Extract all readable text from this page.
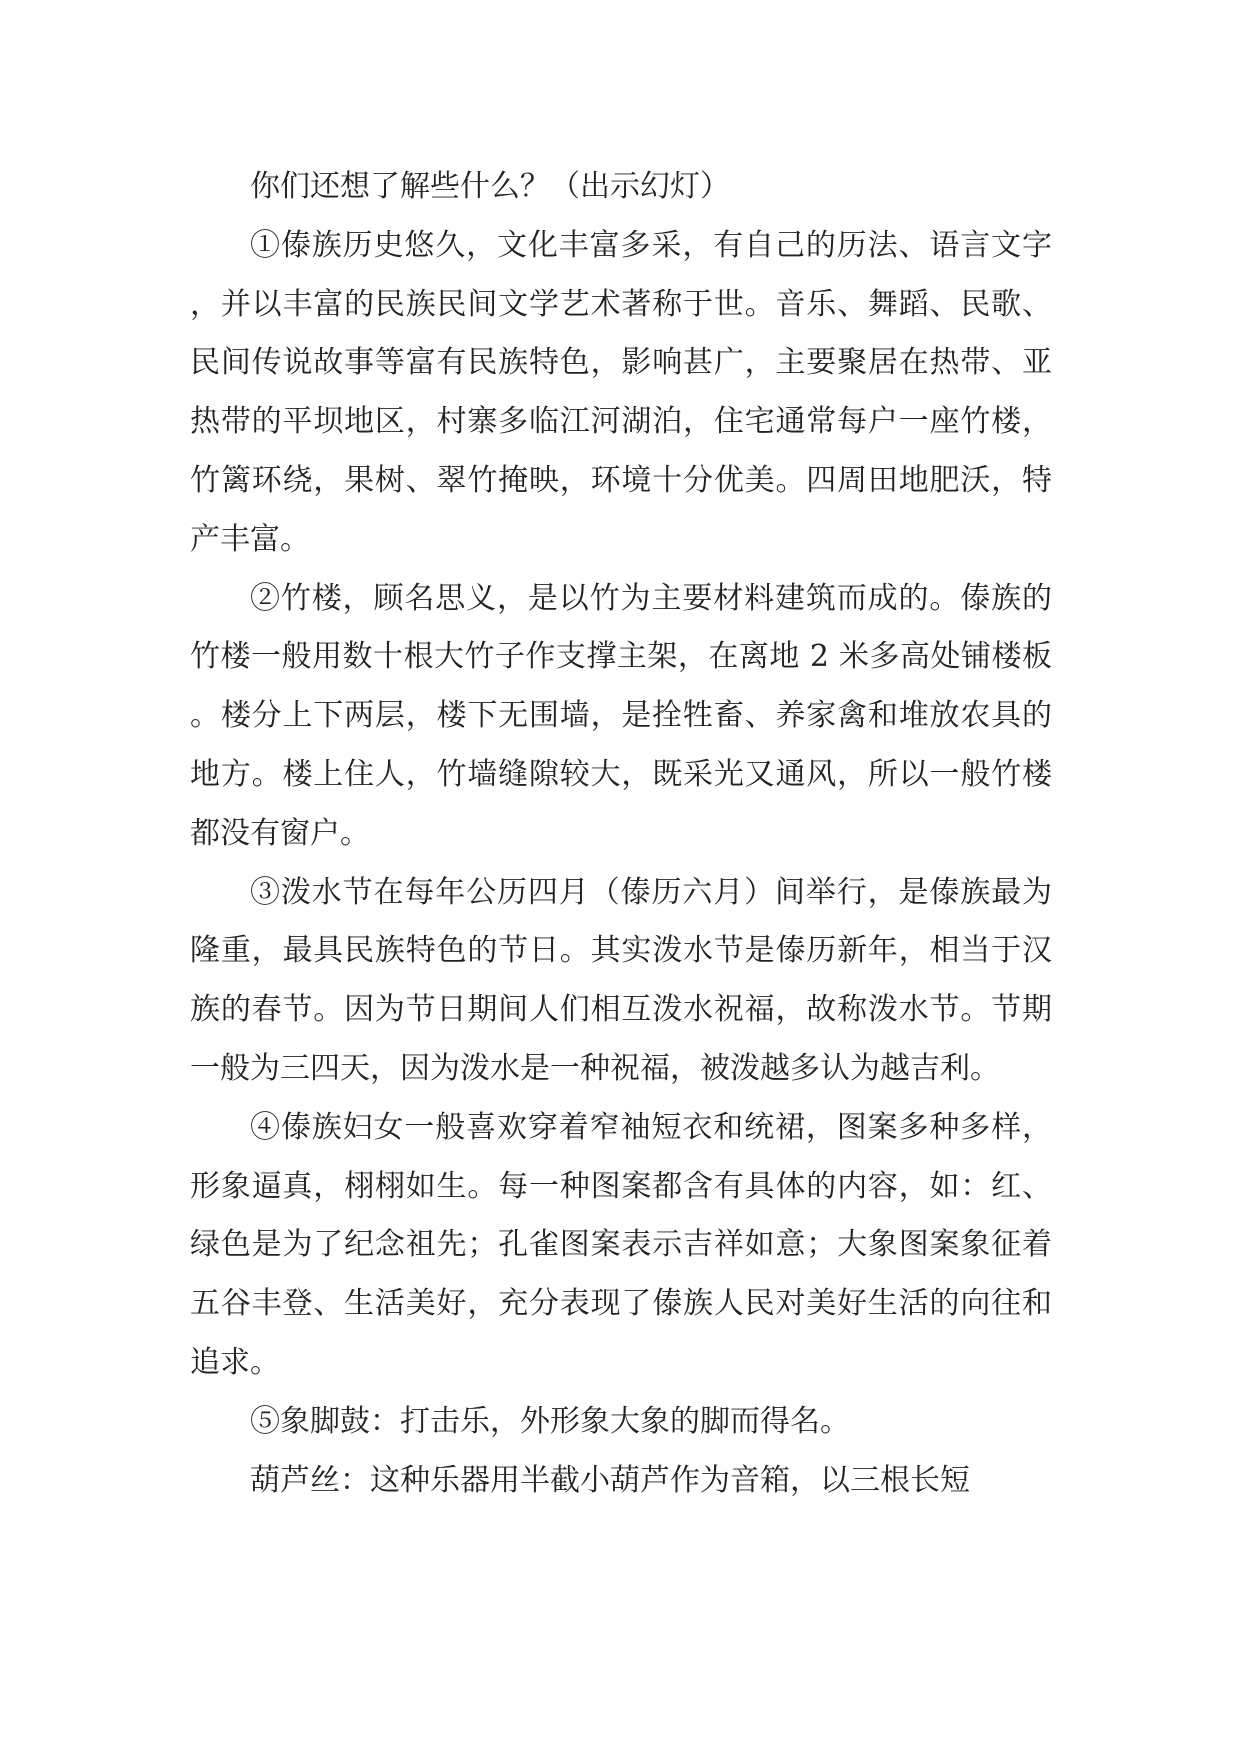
你们还想了解些什么？（出示幻灯）

①傣族历史悠久，文化丰富多采，有自己的历法、语言文字，并以丰富的民族民间文学艺术著称于世。音乐、舞蹈、民歌、民间传说故事等富有民族特色，影响甚广，主要聚居在热带、亚热带的平坝地区，村寨多临江河湖泊，住宅通常每户一座竹楼，竹篱环绕，果树、翠竹掩映，环境十分优美。四周田地肥沃，特产丰富。

②竹楼，顾名思义，是以竹为主要材料建筑而成的。傣族的竹楼一般用数十根大竹子作支撑主架，在离地 2 米多高处铺楼板。楼分上下两层，楼下无围墙，是拴牲畜、养家禽和堆放农具的地方。楼上住人，竹墙缝隙较大，既采光又通风，所以一般竹楼都没有窗户。

③泼水节在每年公历四月（傣历六月）间举行，是傣族最为隆重，最具民族特色的节日。其实泼水节是傣历新年，相当于汉族的春节。因为节日期间人们相互泼水祝福，故称泼水节。节期一般为三四天，因为泼水是一种祝福，被泼越多认为越吉利。

④傣族妇女一般喜欢穿着窄袖短衣和统裙，图案多种多样，形象逼真，栩栩如生。每一种图案都含有具体的内容，如：红、绿色是为了纪念祖先；孔雀图案表示吉祥如意；大象图案象征着五谷丰登、生活美好，充分表现了傣族人民对美好生活的向往和追求。

⑤象脚鼓：打击乐，外形象大象的脚而得名。

葫芦丝：这种乐器用半截小葫芦作为音箱，以三根长短
